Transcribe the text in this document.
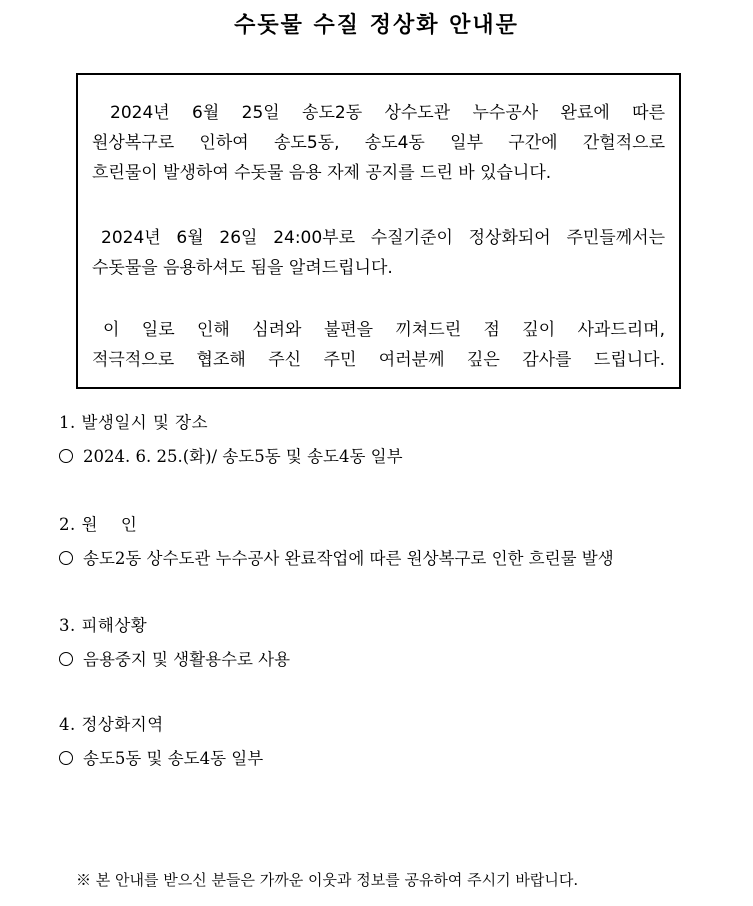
수돗물 수질 정상화 안내문
2024년 6월 25일 송도2동 상수도관 누수공사 완료에 따른
원상복구로 인하여 송도5동, 송도4동 일부 구간에 간헐적으로
흐린물이 발생하여 수돗물 음용 자제 공지를 드린 바 있습니다.
2024년 6월 26일 24:00부로 수질기준이 정상화되어 주민들께서는
수돗물을 음용하셔도 됨을 알려드립니다.
이 일로 인해 심려와 불편을 끼쳐드린 점 깊이 사과드리며,
적극적으로 협조해 주신 주민 여러분께 깊은 감사를 드립니다.
1. 발생일시 및 장소
2024. 6. 25.(화)/ 송도5동 및 송도4동 일부
2. 원    인
송도2동 상수도관 누수공사 완료작업에 따른 원상복구로 인한 흐린물 발생
3. 피해상황
음용중지 및 생활용수로 사용
4. 정상화지역
송도5동 및 송도4동 일부
※ 본 안내를 받으신 분들은 가까운 이웃과 정보를 공유하여 주시기 바랍니다.
